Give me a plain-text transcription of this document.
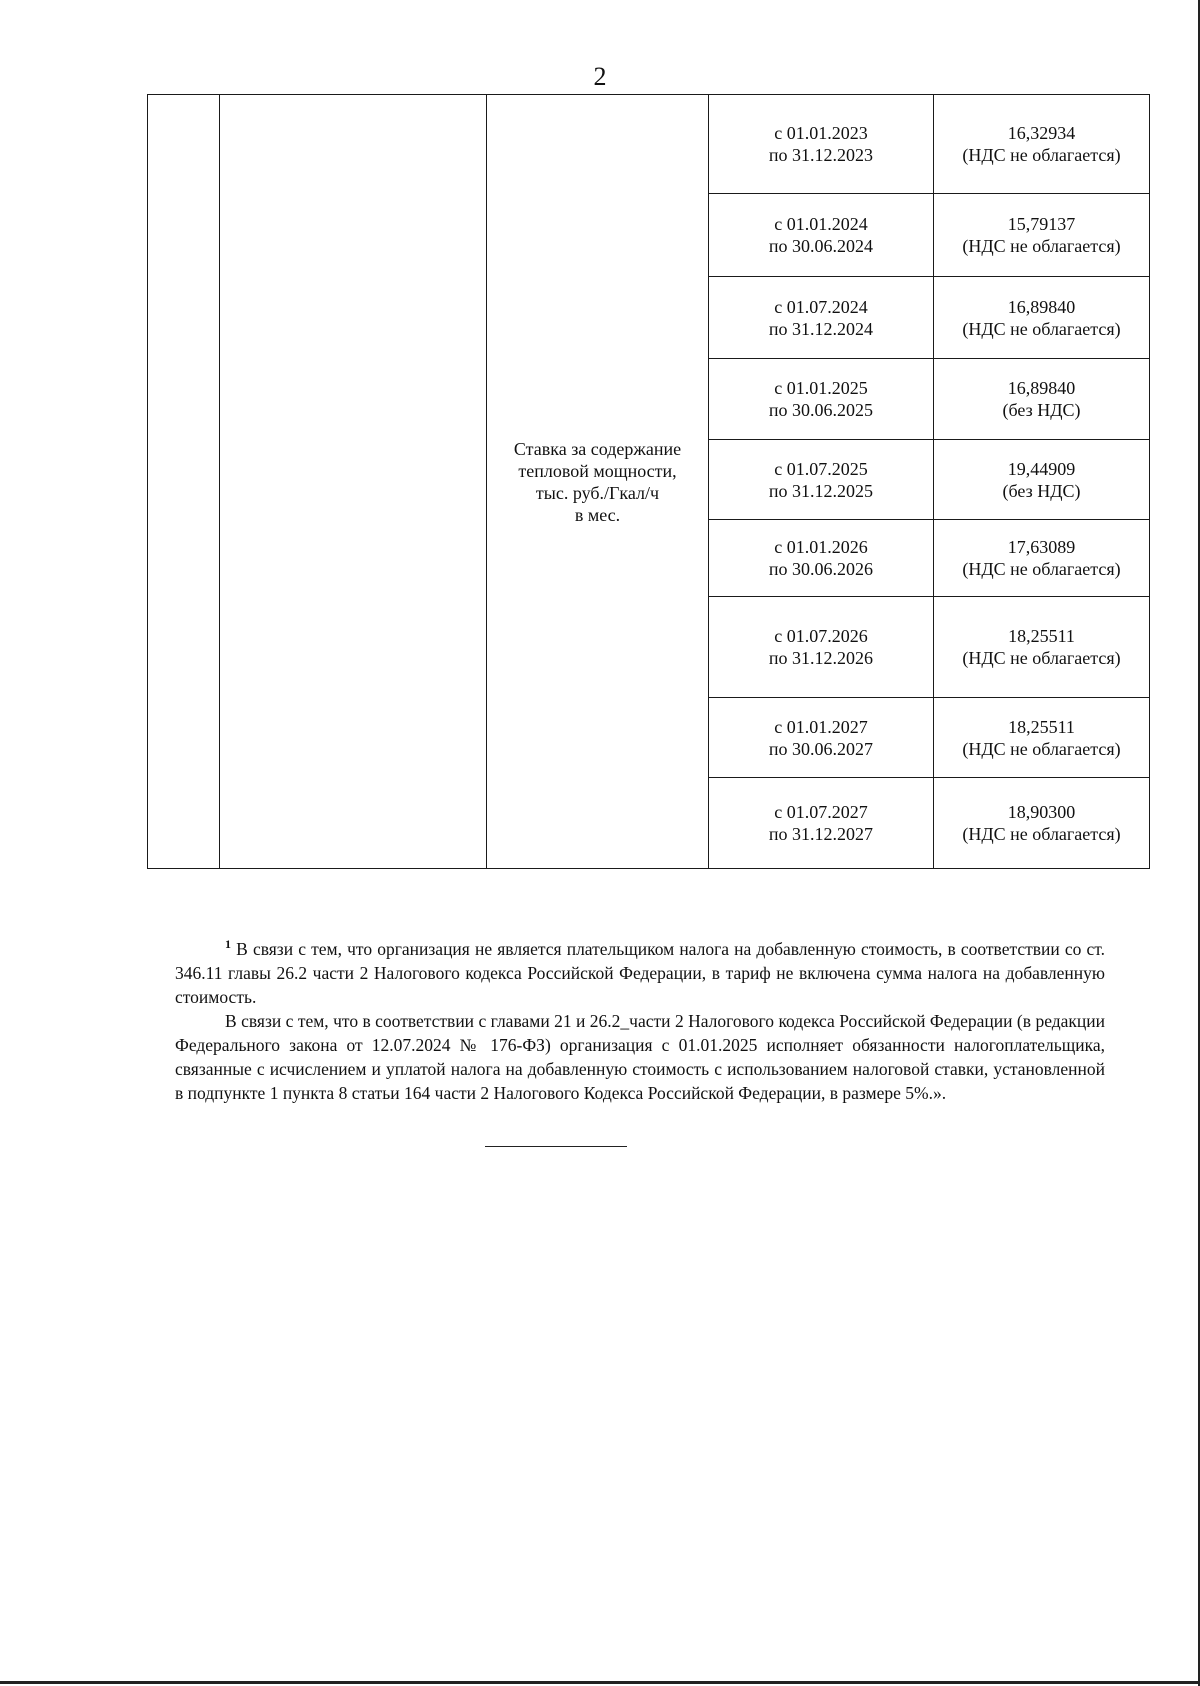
2

		Ставка за содержание
тепловой мощности,
тыс. руб./Гкал/ч
в мес.	с 01.01.2023
по 31.12.2023	16,32934
(НДС не облагается)

			с 01.01.2024
по 30.06.2024	15,79137
(НДС не облагается)

			с 01.07.2024
по 31.12.2024	16,89840
(НДС не облагается)

			с 01.01.2025
по 30.06.2025	16,89840
(без НДС)

			с 01.07.2025
по 31.12.2025	19,44909
(без НДС)

			с 01.01.2026
по 30.06.2026	17,63089
(НДС не облагается)

			с 01.07.2026
по 31.12.2026	18,25511
(НДС не облагается)

			с 01.01.2027
по 30.06.2027	18,25511
(НДС не облагается)

			с 01.07.2027
по 31.12.2027	18,90300
(НДС не облагается)

$^1$ В связи с тем, что организация не является плательщиком налога на добавленную стоимость, в соответствии со ст. 346.11 главы 26.2 части 2 Налогового кодекса Российской Федерации, в тариф не включена сумма налога на добавленную стоимость.

В связи с тем, что в соответствии с главами 21 и 26.2_части 2 Налогового кодекса Российской Федерации (в редакции Федерального закона от 12.07.2024 № 176-ФЗ) организация с 01.01.2025 исполняет обязанности налогоплательщика, связанные с исчислением и уплатой налога на добавленную стоимость с использованием налоговой ставки, установленной в подпункте 1 пункта 8 статьи 164 части 2 Налогового Кодекса Российской Федерации, в размере 5%.».
